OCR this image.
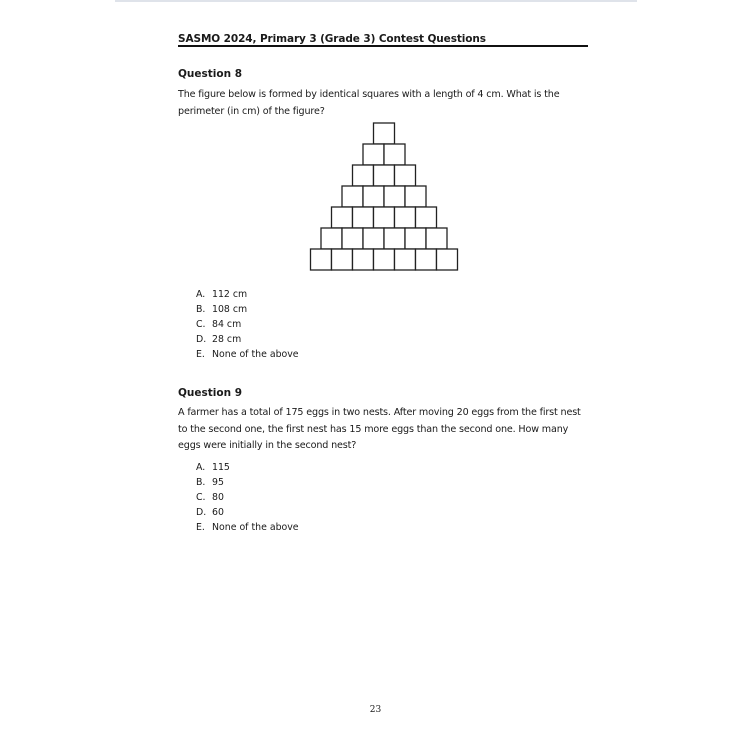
SASMO 2024, Primary 3 (Grade 3) Contest Questions
Question 8
The figure below is formed by identical squares with a length of 4 cm. What is the perimeter (in cm) of the figure?
A. 112 cm
B. 108 cm
C. 84 cm
D. 28 cm
E. None of the above
Question 9
A farmer has a total of 175 eggs in two nests. After moving 20 eggs from the first nest to the second one, the first nest has 15 more eggs than the second one. How many eggs were initially in the second nest?
A. 115
B. 95
C. 80
D. 60
E. None of the above
23
